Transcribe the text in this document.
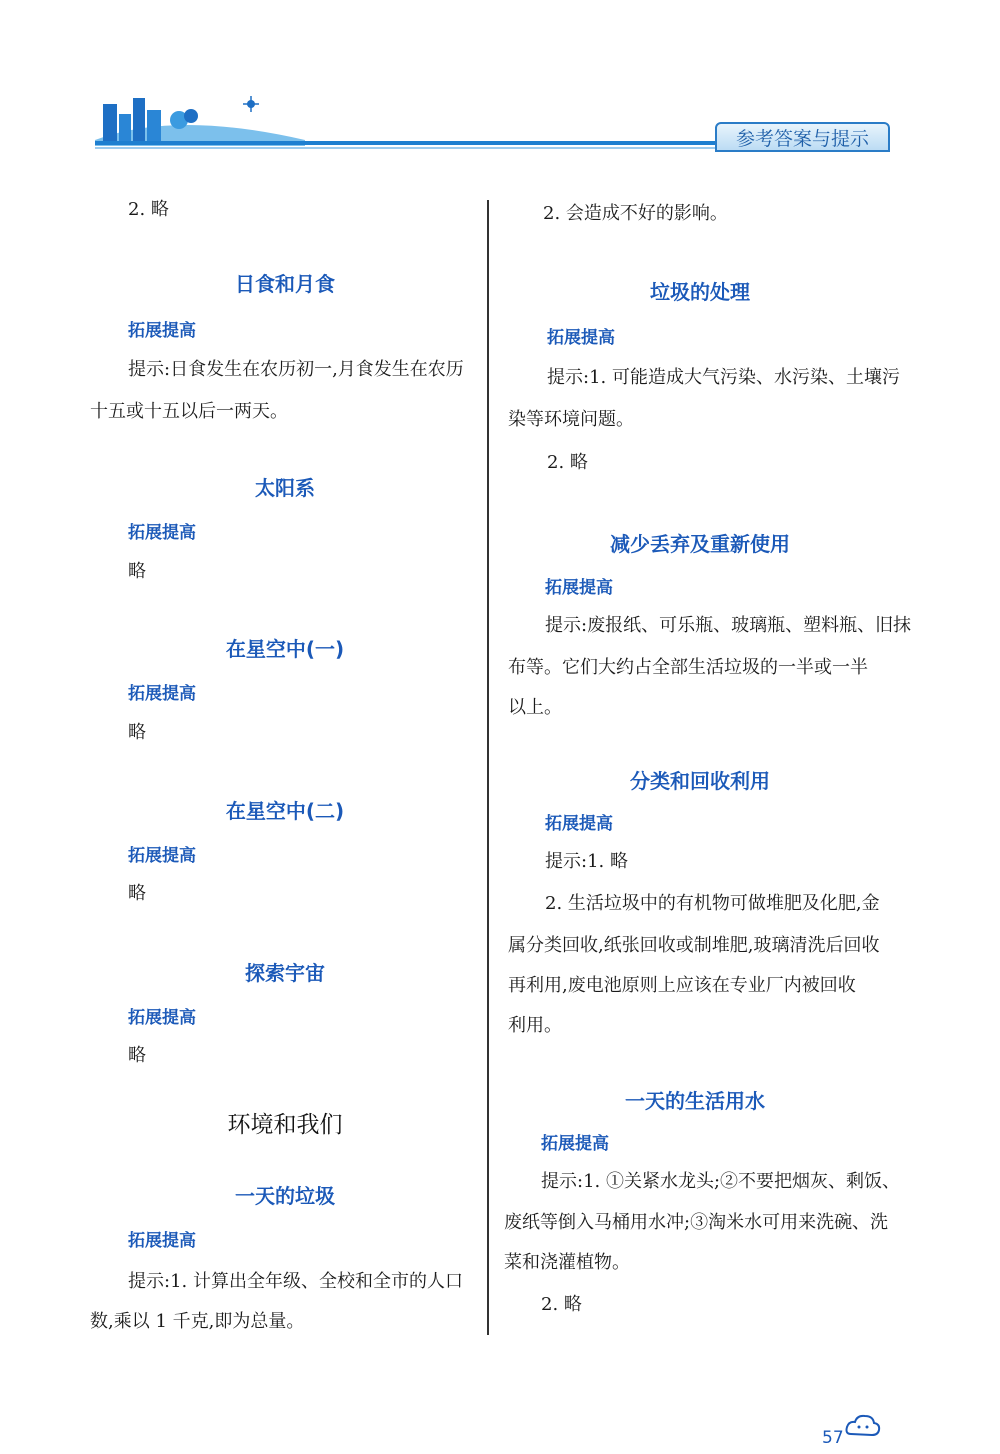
参考答案与提示
2. 略
日食和月食
拓展提高
提示:日食发生在农历初一,月食发生在农历
十五或十五以后一两天。
太阳系
拓展提高
略
在星空中(一)
拓展提高
略
在星空中(二)
拓展提高
略
探索宇宙
拓展提高
略
环境和我们
一天的垃圾
拓展提高
提示:1. 计算出全年级、全校和全市的人口
数,乘以 1 千克,即为总量。
2. 会造成不好的影响。
垃圾的处理
拓展提高
提示:1. 可能造成大气污染、水污染、土壤污
染等环境问题。
2. 略
减少丢弃及重新使用
拓展提高
提示:废报纸、可乐瓶、玻璃瓶、塑料瓶、旧抹
布等。它们大约占全部生活垃圾的一半或一半
以上。
分类和回收利用
拓展提高
提示:1. 略
2. 生活垃圾中的有机物可做堆肥及化肥,金
属分类回收,纸张回收或制堆肥,玻璃清洗后回收
再利用,废电池原则上应该在专业厂内被回收
利用。
一天的生活用水
拓展提高
提示:1. ①关紧水龙头;②不要把烟灰、剩饭、
废纸等倒入马桶用水冲;③淘米水可用来洗碗、洗
菜和浇灌植物。
2. 略
57
